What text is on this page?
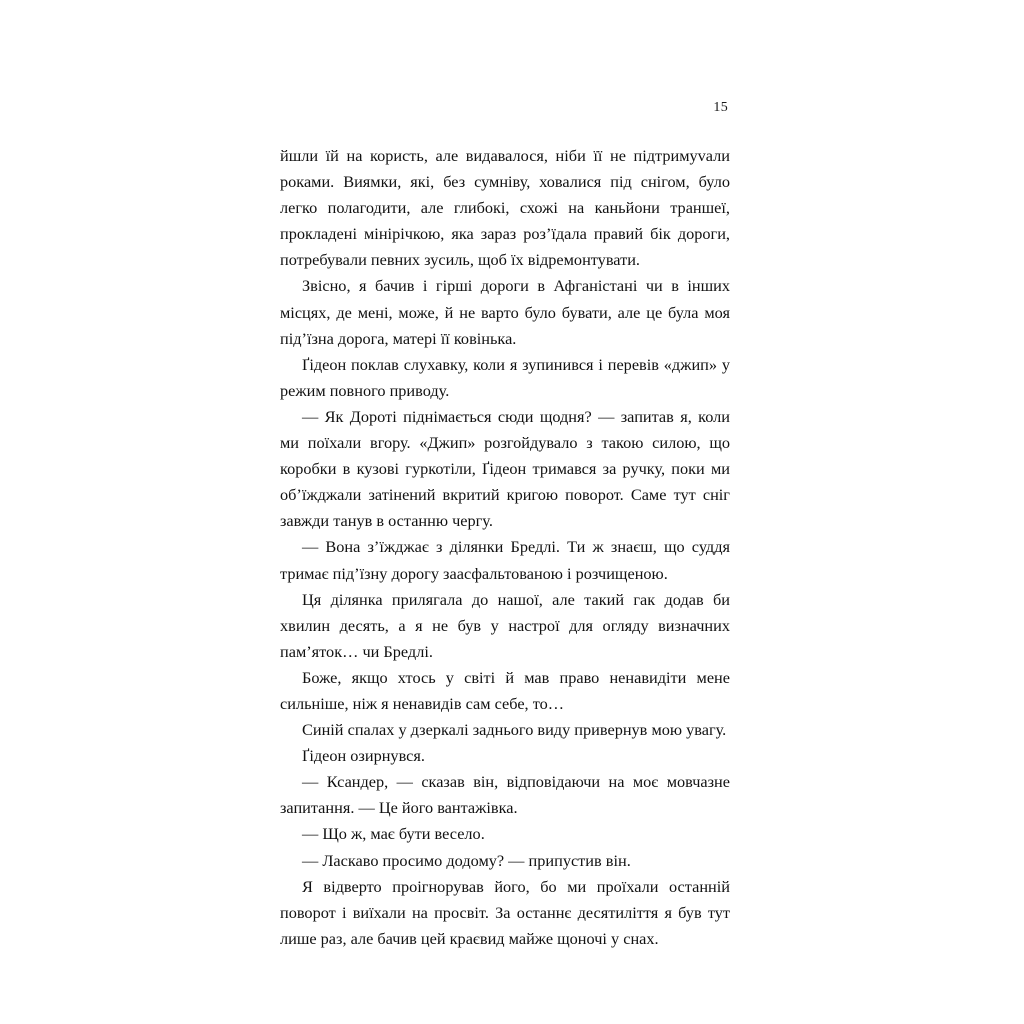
15

йшли їй на користь, але видавалося, ніби її не підтримуvали роками. Виямки, які, без сумніву, ховалися під снігом, було легко полагодити, але глибокі, схожі на каньйони траншеї, прокладені мінірічкою, яка зараз роз’їдала правий бік дороги, потребували певних зусиль, щоб їх відремонтувати.

Звісно, я бачив і гірші дороги в Афганістані чи в інших місцях, де мені, може, й не варто було бувати, але це була моя під’їзна дорога, матері її ковінька.

Ґідеон поклав слухавку, коли я зупинився і перевів «джип» у режим повного приводу.

— Як Дороті піднімається сюди щодня? — запитав я, коли ми поїхали вгору. «Джип» розгойдувало з такою силою, що коробки в кузові гуркотіли, Ґідеон тримався за ручку, поки ми об’їжджали затінений вкритий кригою поворот. Саме тут сніг завжди танув в останню чергу.

— Вона з’їжджає з ділянки Бредлі. Ти ж знаєш, що суддя тримає під’їзну дорогу заасфальтованою і розчищеною.

Ця ділянка прилягала до нашої, але такий гак додав би хвилин десять, а я не був у настрої для огляду визначних пам’яток… чи Бредлі.

Боже, якщо хтось у світі й мав право ненавидіти мене сильніше, ніж я ненавидів сам себе, то…

Синій спалах у дзеркалі заднього виду привернув мою увагу.

Ґідеон озирнувся.

— Ксандер, — сказав він, відповідаючи на моє мовчазне запитання. — Це його вантажівка.

— Що ж, має бути весело.

— Ласкаво просимо додому? — припустив він.

Я відверто проігнорував його, бо ми проїхали останній поворот і виїхали на просвіт. За останнє десятиліття я був тут лише раз, але бачив цей краєвид майже щоночі у снах.
